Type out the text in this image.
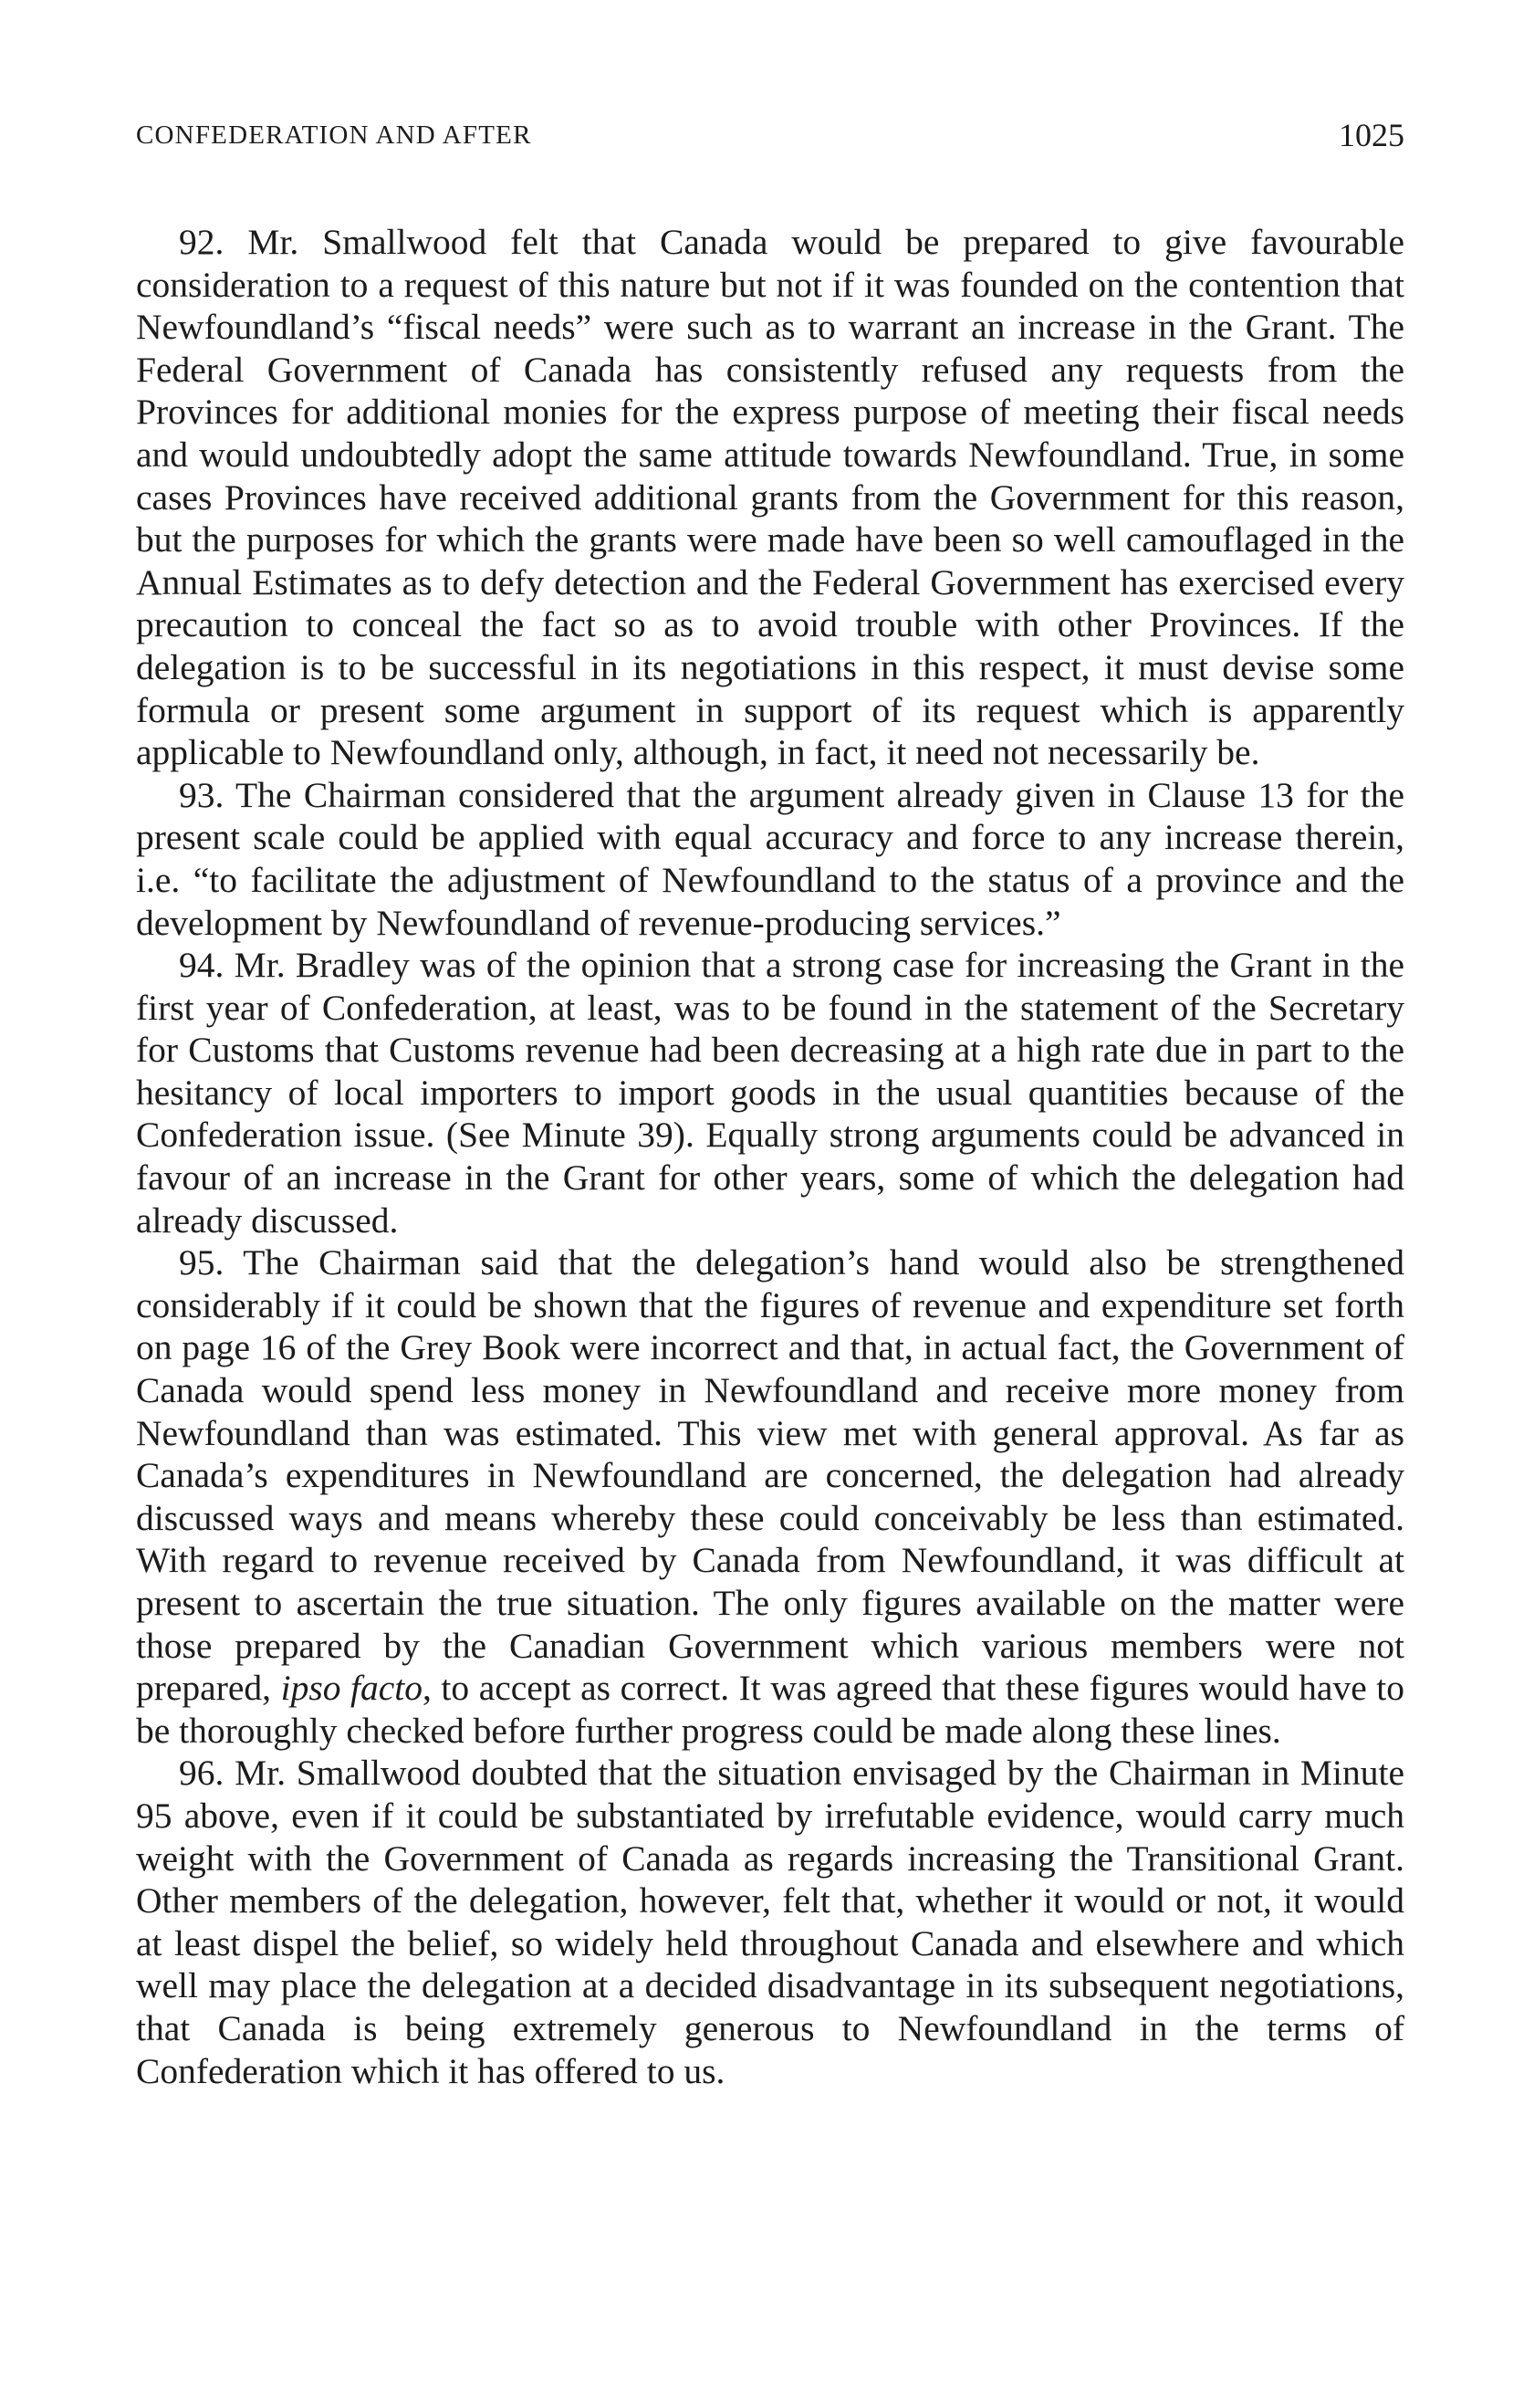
CONFEDERATION AND AFTER	1025

92. Mr. Smallwood felt that Canada would be prepared to give favourable consideration to a request of this nature but not if it was founded on the contention that Newfoundland’s “fiscal needs” were such as to warrant an increase in the Grant. The Federal Government of Canada has consistently refused any requests from the Provinces for additional monies for the express purpose of meeting their fiscal needs and would undoubtedly adopt the same attitude towards Newfoundland. True, in some cases Provinces have received additional grants from the Government for this reason, but the purposes for which the grants were made have been so well camouflaged in the Annual Estimates as to defy detection and the Federal Government has exercised every precaution to conceal the fact so as to avoid trouble with other Provinces. If the delegation is to be successful in its negotiations in this respect, it must devise some formula or present some argument in support of its request which is apparently applicable to Newfoundland only, although, in fact, it need not necessarily be.

93. The Chairman considered that the argument already given in Clause 13 for the present scale could be applied with equal accuracy and force to any increase therein, i.e. “to facilitate the adjustment of Newfoundland to the status of a province and the development by Newfoundland of revenue-producing services.”

94. Mr. Bradley was of the opinion that a strong case for increasing the Grant in the first year of Confederation, at least, was to be found in the statement of the Secretary for Customs that Customs revenue had been decreasing at a high rate due in part to the hesitancy of local importers to import goods in the usual quantities because of the Confederation issue. (See Minute 39). Equally strong arguments could be advanced in favour of an increase in the Grant for other years, some of which the delegation had already discussed.

95. The Chairman said that the delegation’s hand would also be strengthened considerably if it could be shown that the figures of revenue and expenditure set forth on page 16 of the Grey Book were incorrect and that, in actual fact, the Government of Canada would spend less money in Newfoundland and receive more money from Newfoundland than was estimated. This view met with general approval. As far as Canada’s expenditures in Newfoundland are concerned, the delegation had already discussed ways and means whereby these could conceivably be less than estimated. With regard to revenue received by Canada from Newfoundland, it was difficult at present to ascertain the true situation. The only figures available on the matter were those prepared by the Canadian Government which various members were not prepared, ipso facto, to accept as correct. It was agreed that these figures would have to be thoroughly checked before further progress could be made along these lines.

96. Mr. Smallwood doubted that the situation envisaged by the Chairman in Minute 95 above, even if it could be substantiated by irrefutable evidence, would carry much weight with the Government of Canada as regards increasing the Transitional Grant. Other members of the delegation, however, felt that, whether it would or not, it would at least dispel the belief, so widely held throughout Canada and elsewhere and which well may place the delegation at a decided disadvantage in its subsequent negotiations, that Canada is being extremely generous to Newfoundland in the terms of Confederation which it has offered to us.
